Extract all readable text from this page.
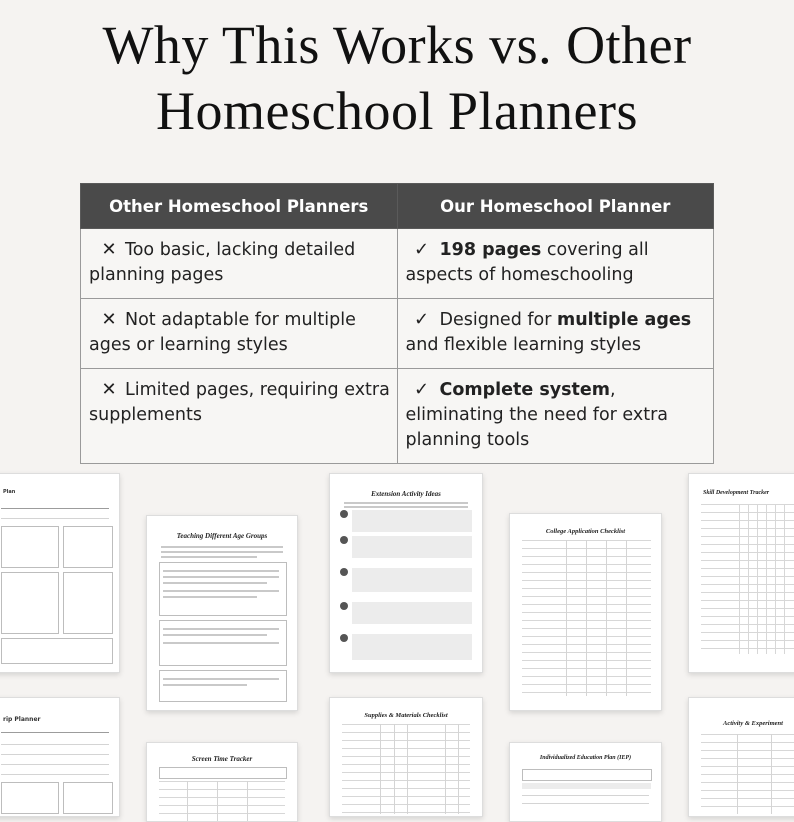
Why This Works vs. Other
Homeschool Planners
Other Homeschool Planners	Our Homeschool Planner
✕ Too basic, lacking detailed planning pages	✓ 198 pages covering all aspects of homeschooling
✕ Not adaptable for multiple ages or learning styles	✓ Designed for multiple ages and flexible learning styles
✕ Limited pages, requiring extra supplements	✓ Complete system, eliminating the need for extra planning tools
Plan
Teaching Different Age Groups
Extension Activity Ideas
College Application Checklist
Skill Development Tracker
rip Planner
Screen Time Tracker
Supplies & Materials Checklist
Individualized Education Plan (IEP)
Activity & Experiment
